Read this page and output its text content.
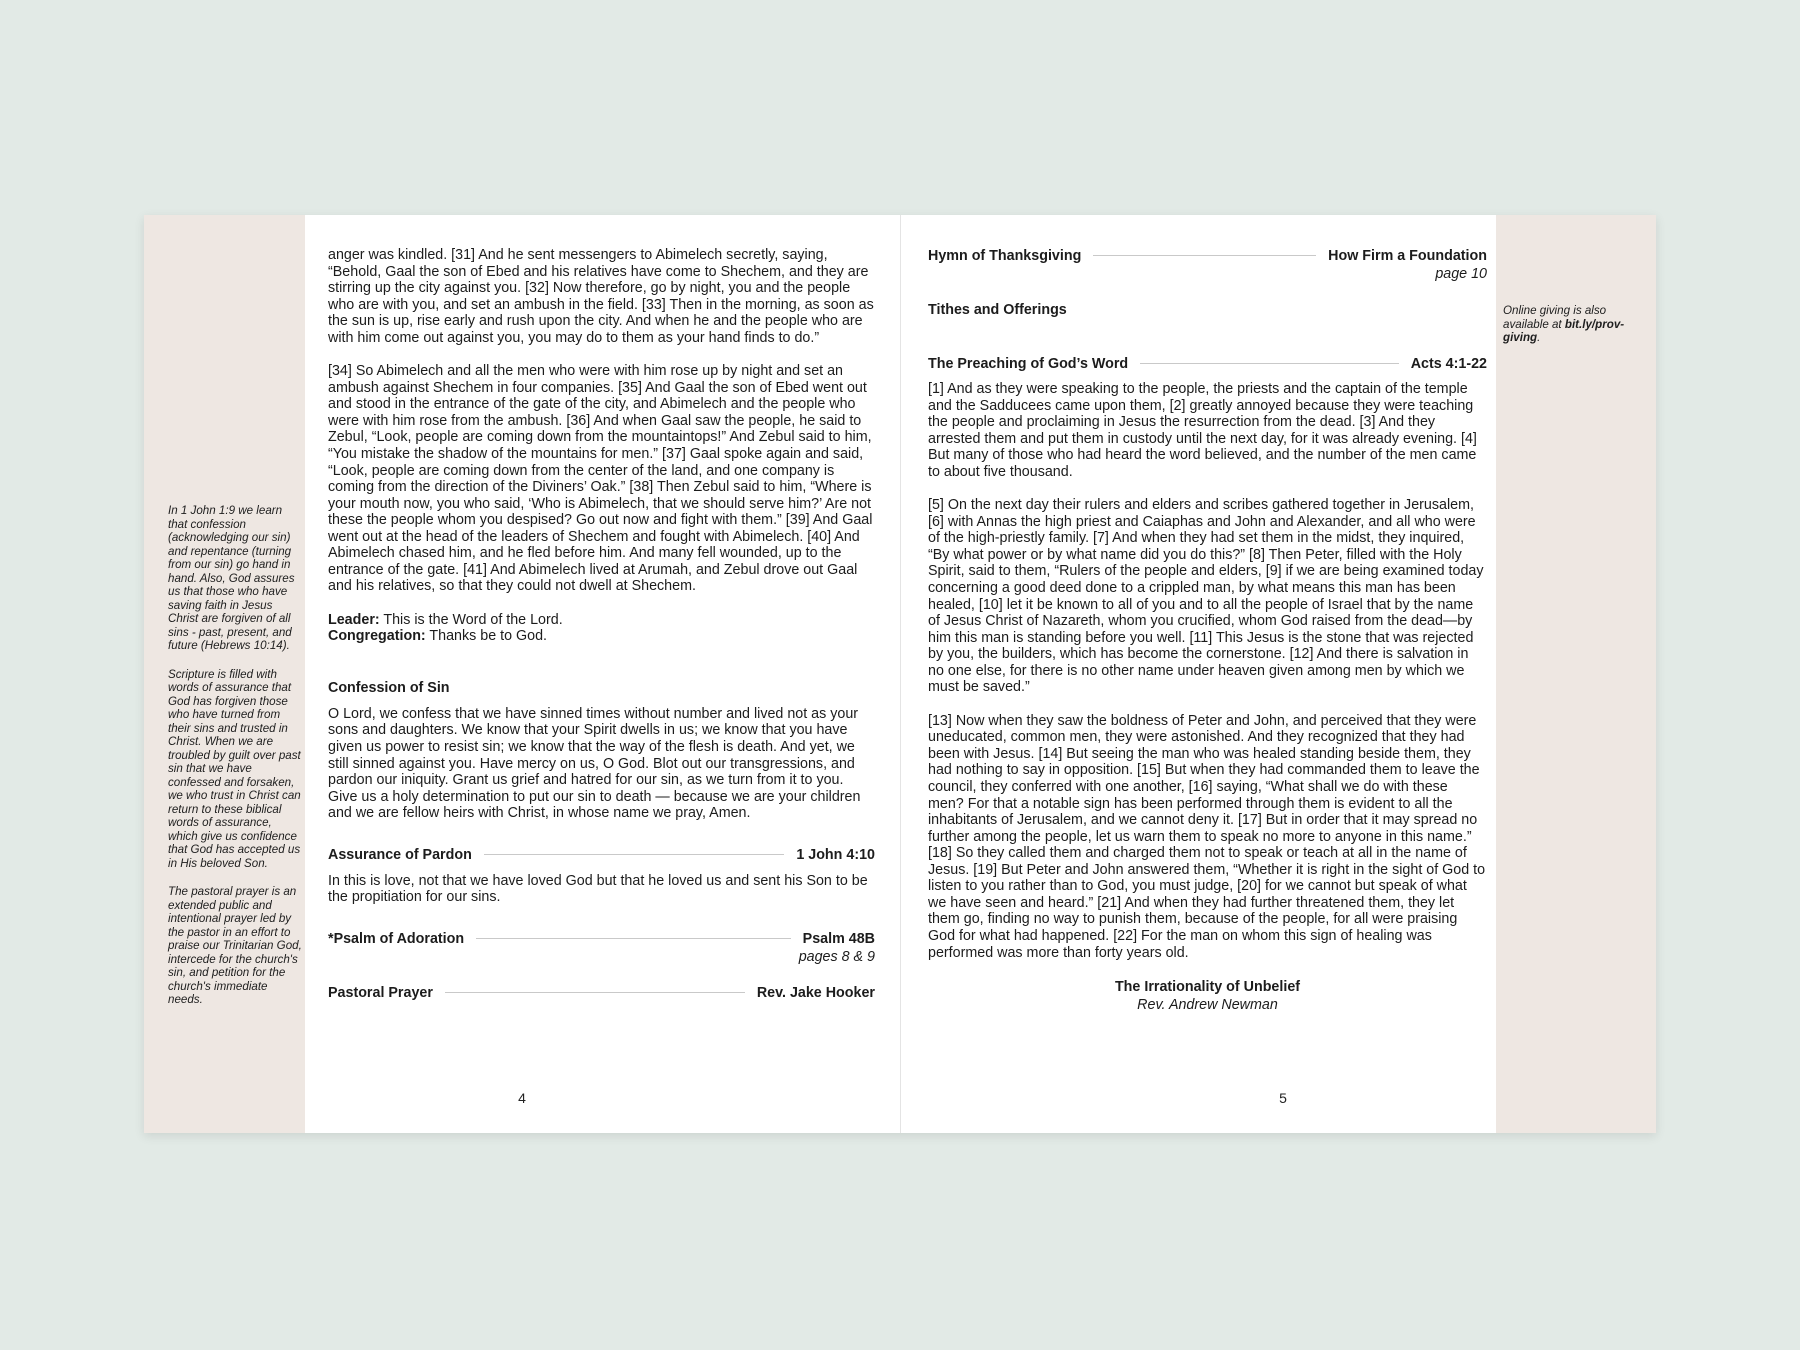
In 1 John 1:9 we learn that confession (acknowledging our sin) and repentance (turning from our sin) go hand in hand. Also, God assures us that those who have saving faith in Jesus Christ are forgiven of all sins - past, present, and future (Hebrews 10:14).

Scripture is filled with words of assurance that God has forgiven those who have turned from their sins and trusted in Christ. When we are troubled by guilt over past sin that we have confessed and forsaken, we who trust in Christ can return to these biblical words of assurance, which give us confidence that God has accepted us in His beloved Son.

The pastoral prayer is an extended public and intentional prayer led by the pastor in an effort to praise our Trinitarian God, intercede for the church's sin, and petition for the church's immediate needs.

anger was kindled. [31] And he sent messengers to Abimelech secretly, saying, “Behold, Gaal the son of Ebed and his relatives have come to Shechem, and they are stirring up the city against you. [32] Now therefore, go by night, you and the people who are with you, and set an ambush in the field. [33] Then in the morning, as soon as the sun is up, rise early and rush upon the city. And when he and the people who are with him come out against you, you may do to them as your hand finds to do.”

[34] So Abimelech and all the men who were with him rose up by night and set an ambush against Shechem in four companies. [35] And Gaal the son of Ebed went out and stood in the entrance of the gate of the city, and Abimelech and the people who were with him rose from the ambush. [36] And when Gaal saw the people, he said to Zebul, “Look, people are coming down from the mountaintops!” And Zebul said to him, “You mistake the shadow of the mountains for men.” [37] Gaal spoke again and said, “Look, people are coming down from the center of the land, and one company is coming from the direction of the Diviners’ Oak.” [38] Then Zebul said to him, “Where is your mouth now, you who said, ‘Who is Abimelech, that we should serve him?’ Are not these the people whom you despised? Go out now and fight with them.” [39] And Gaal went out at the head of the leaders of Shechem and fought with Abimelech. [40] And Abimelech chased him, and he fled before him. And many fell wounded, up to the entrance of the gate. [41] And Abimelech lived at Arumah, and Zebul drove out Gaal and his relatives, so that they could not dwell at Shechem.

Leader: This is the Word of the Lord.

Congregation: Thanks be to God.

Confession of Sin

O Lord, we confess that we have sinned times without number and lived not as your sons and daughters. We know that your Spirit dwells in us; we know that you have given us power to resist sin; we know that the way of the flesh is death. And yet, we still sinned against you. Have mercy on us, O God. Blot out our transgressions, and pardon our iniquity. Grant us grief and hatred for our sin, as we turn from it to you. Give us a holy determination to put our sin to death — because we are your children and we are fellow heirs with Christ, in whose name we pray, Amen.

Assurance of Pardon	1 John 4:10

In this is love, not that we have loved God but that he loved us and sent his Son to be the propitiation for our sins.

*Psalm of Adoration	Psalm 48B
pages 8 & 9
Pastoral Prayer	Rev. Jake Hooker
4
Hymn of Thanksgiving	How Firm a Foundation
page 10
Tithes and Offerings
The Preaching of God’s Word	Acts 4:1-22

[1] And as they were speaking to the people, the priests and the captain of the temple and the Sadducees came upon them, [2] greatly annoyed because they were teaching the people and proclaiming in Jesus the resurrection from the dead. [3] And they arrested them and put them in custody until the next day, for it was already evening. [4] But many of those who had heard the word believed, and the number of the men came to about five thousand.

[5] On the next day their rulers and elders and scribes gathered together in Jerusalem, [6] with Annas the high priest and Caiaphas and John and Alexander, and all who were of the high-priestly family. [7] And when they had set them in the midst, they inquired, “By what power or by what name did you do this?” [8] Then Peter, filled with the Holy Spirit, said to them, “Rulers of the people and elders, [9] if we are being examined today concerning a good deed done to a crippled man, by what means this man has been healed, [10] let it be known to all of you and to all the people of Israel that by the name of Jesus Christ of Nazareth, whom you crucified, whom God raised from the dead—by him this man is standing before you well. [11] This Jesus is the stone that was rejected by you, the builders, which has become the cornerstone. [12] And there is salvation in no one else, for there is no other name under heaven given among men by which we must be saved.”

[13] Now when they saw the boldness of Peter and John, and perceived that they were uneducated, common men, they were astonished. And they recognized that they had been with Jesus. [14] But seeing the man who was healed standing beside them, they had nothing to say in opposition. [15] But when they had commanded them to leave the council, they conferred with one another, [16] saying, “What shall we do with these men? For that a notable sign has been performed through them is evident to all the inhabitants of Jerusalem, and we cannot deny it. [17] But in order that it may spread no further among the people, let us warn them to speak no more to anyone in this name.” [18] So they called them and charged them not to speak or teach at all in the name of Jesus. [19] But Peter and John answered them, “Whether it is right in the sight of God to listen to you rather than to God, you must judge, [20] for we cannot but speak of what we have seen and heard.” [21] And when they had further threatened them, they let them go, finding no way to punish them, because of the people, for all were praising God for what had happened. [22] For the man on whom this sign of healing was performed was more than forty years old.

The Irrationality of Unbelief
Rev. Andrew Newman
5

Online giving is also available at bit.ly/prov-giving.
